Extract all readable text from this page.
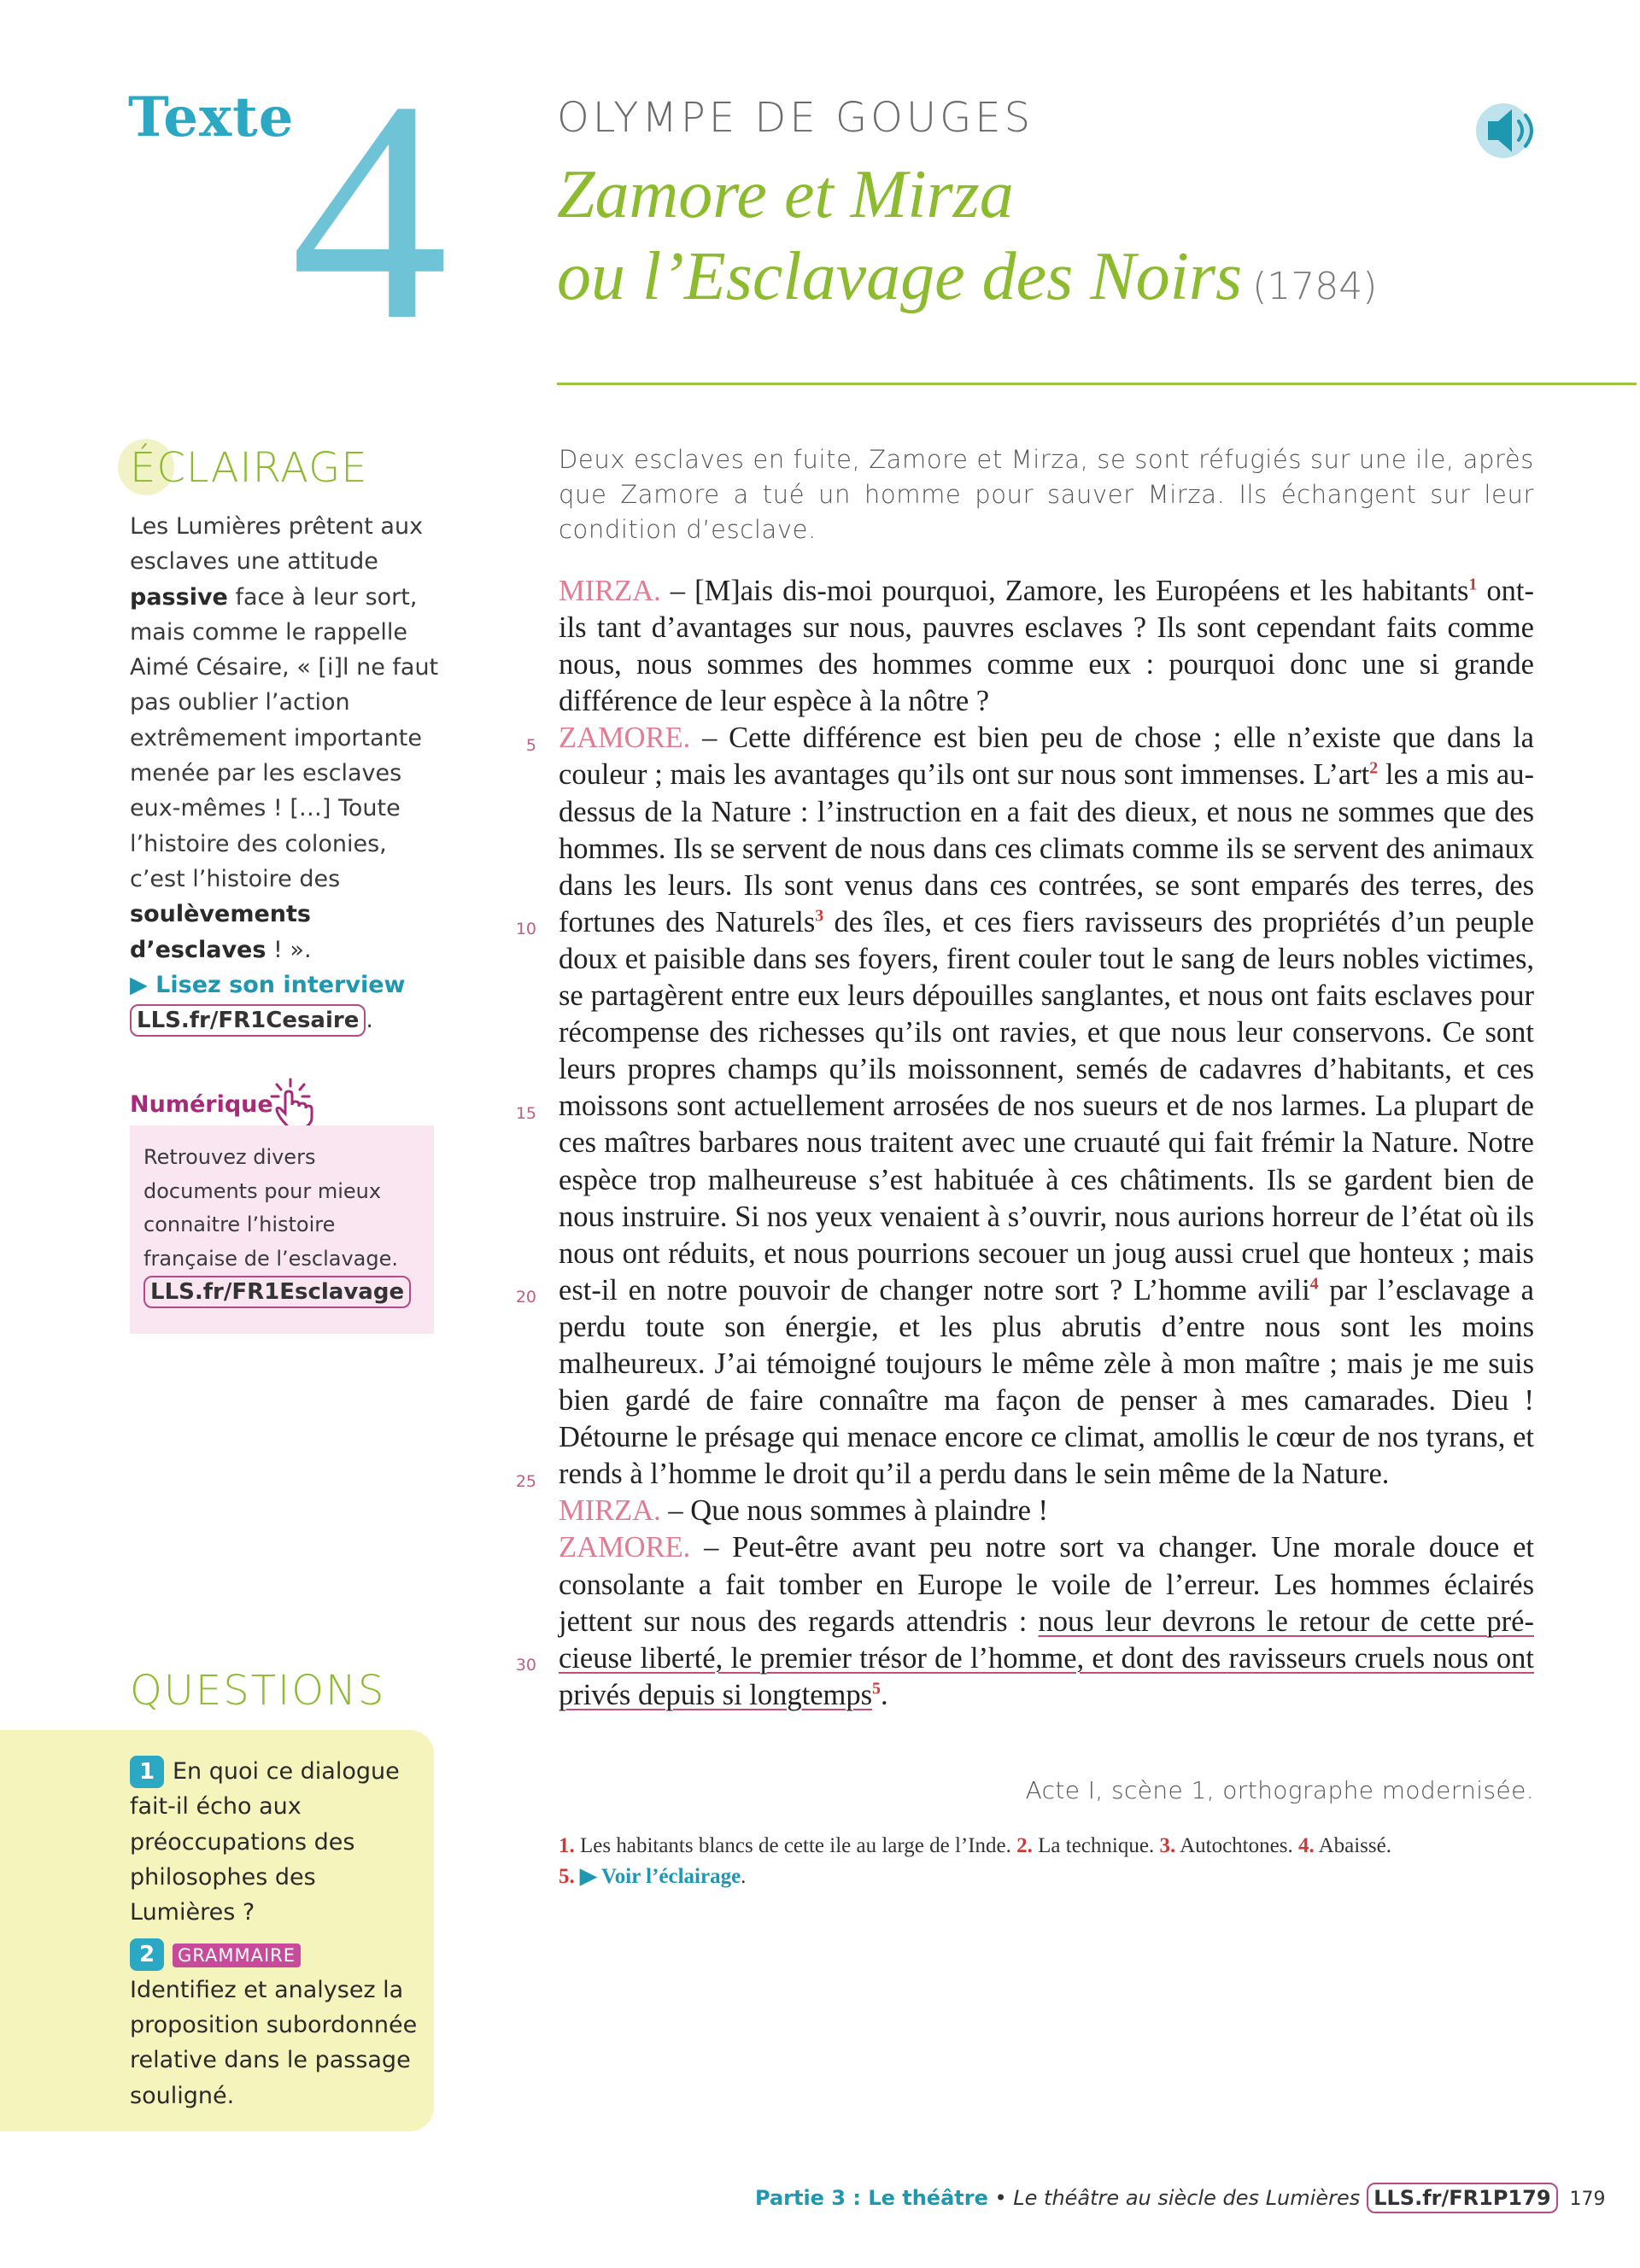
Texte
4	OLYMPE DE GOUGES
Zamore et Mirza
ou l’Esclavage des Noirs (1784)
ÉCLAIRAGE
Les Lumières prêtent aux esclaves une attitude passive face à leur sort, mais comme le rappelle Aimé Césaire, « [i]l ne faut pas oublier l’action extrêmement importante menée par les esclaves eux-mêmes ! […] Toute l’histoire des colonies, c’est l’histoire des soulèvements d’esclaves ! ».
▶ Lisez son interview
LLS.fr/FR1Cesaire .
Numérique
Retrouvez divers documents pour mieux connaitre l’histoire française de l’esclavage.
LLS.fr/FR1Esclavage
QUESTIONS
1 En quoi ce dialogue fait-il écho aux préoccupations des philosophes des Lumières ?
2 GRAMMAIRE
Identifiez et analysez la proposition subordonnée relative dans le passage souligné.
Deux esclaves en fuite, Zamore et Mirza, se sont réfugiés sur une ile, après que Zamore a tué un homme pour sauver Mirza. Ils échangent sur leur condition d’esclave.
MIRZA. – [M]ais dis-moi pourquoi, Zamore, les Européens et les habitants$^1$ ont-ils tant d’avantages sur nous, pauvres esclaves ? Ils sont cependant faits comme nous, nous sommes des hommes comme eux : pourquoi donc une si grande différence de leur espèce à la nôtre ?
ZAMORE. – Cette différence est bien peu de chose ; elle n’existe que dans la couleur ; mais les avantages qu’ils ont sur nous sont immenses. L’art$^2$ les a mis au-dessus de la Nature : l’instruction en a fait des dieux, et nous ne sommes que des hommes. Ils se servent de nous dans ces climats comme ils se servent des animaux dans les leurs. Ils sont venus dans ces contrées, se sont emparés des terres, des fortunes des Naturels$^3$ des îles, et ces fiers ravisseurs des propriétés d’un peuple doux et paisible dans ses foyers, firent couler tout le sang de leurs nobles victimes, se partagèrent entre eux leurs dépouilles sanglantes, et nous ont faits esclaves pour récompense des richesses qu’ils ont ravies, et que nous leur conservons. Ce sont leurs propres champs qu’ils moissonnent, semés de cadavres d’habitants, et ces moissons sont actuellement arrosées de nos sueurs et de nos larmes. La plupart de ces maîtres barbares nous traitent avec une cruauté qui fait frémir la Nature. Notre espèce trop malheureuse s’est habituée à ces châtiments. Ils se gardent bien de nous instruire. Si nos yeux venaient à s’ouvrir, nous aurions horreur de l’état où ils nous ont réduits, et nous pourrions secouer un joug aussi cruel que honteux ; mais est-il en notre pouvoir de changer notre sort ? L’homme avili$^4$ par l’esclavage a perdu toute son énergie, et les plus abrutis d’entre nous sont les moins malheureux. J’ai témoigné toujours le même zèle à mon maître ; mais je me suis bien gardé de faire connaître ma façon de penser à mes camarades. Dieu ! Détourne le présage qui menace encore ce climat, amollis le cœur de nos tyrans, et rends à l’homme le droit qu’il a perdu dans le sein même de la Nature.
MIRZA. – Que nous sommes à plaindre !
ZAMORE. – Peut-être avant peu notre sort va changer. Une morale douce et consolante a fait tomber en Europe le voile de l’erreur. Les hommes éclairés jettent sur nous des regards attendris : nous leur devrons le retour de cette précieuse liberté, le premier trésor de l’homme, et dont des ravisseurs cruels nous ont privés depuis si longtemps$^5$.
5
10
15
20
25
30
Acte I, scène 1, orthographe modernisée.
1. Les habitants blancs de cette ile au large de l’Inde. 2. La technique. 3. Autochtones. 4. Abaissé.
5. ▶ Voir l’éclairage.
Partie 3 : Le théâtre • Le théâtre au siècle des Lumières LLS.fr/FR1P179 179
